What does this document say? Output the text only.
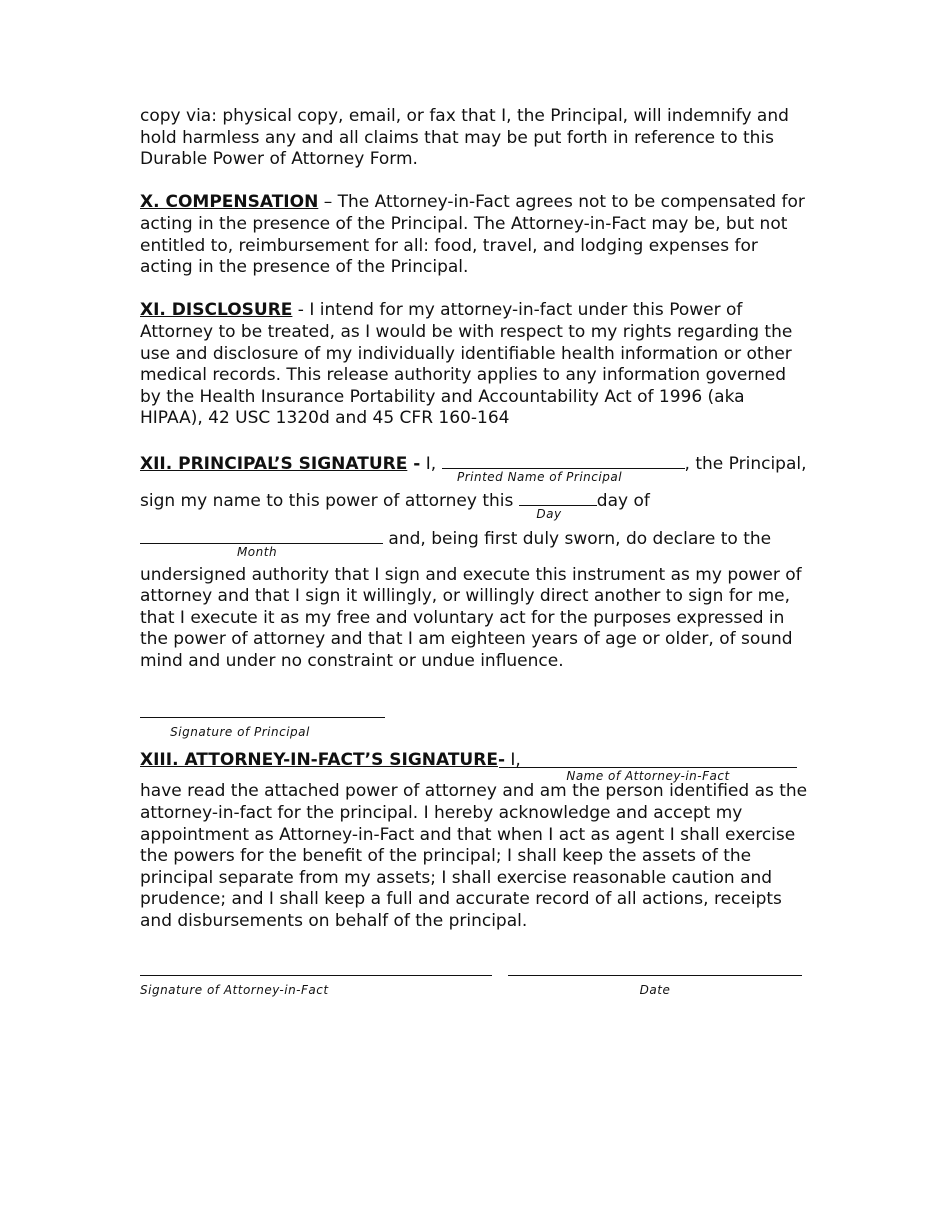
copy via: physical copy, email, or fax that I, the Principal, will indemnify and hold harmless any and all claims that may be put forth in reference to this Durable Power of Attorney Form.

X. COMPENSATION – The Attorney-in-Fact agrees not to be compensated for acting in the presence of the Principal. The Attorney-in-Fact may be, but not entitled to, reimbursement for all: food, travel, and lodging expenses for acting in the presence of the Principal.

XI. DISCLOSURE - I intend for my attorney-in-fact under this Power of Attorney to be treated, as I would be with respect to my rights regarding the use and disclosure of my individually identifiable health information or other medical records. This release authority applies to any information governed by the Health Insurance Portability and Accountability Act of 1996 (aka HIPAA), 42 USC 1320d and 45 CFR 160-164

XII. PRINCIPAL’S SIGNATURE - I,	, the Principal,
Printed Name of Principal
sign my name to this power of attorney this	day of
Day
and, being first duly sworn, do declare to the
Month

undersigned authority that I sign and execute this instrument as my power of attorney and that I sign it willingly, or willingly direct another to sign for me, that I execute it as my free and voluntary act for the purposes expressed in the power of attorney and that I am eighteen years of age or older, of sound mind and under no constraint or undue influence.

Signature of Principal
XIII. ATTORNEY-IN-FACT’S SIGNATURE- I,
Name of Attorney-in-Fact

have read the attached power of attorney and am the person identified as the attorney-in-fact for the principal. I hereby acknowledge and accept my appointment as Attorney-in-Fact and that when I act as agent I shall exercise the powers for the benefit of the principal; I shall keep the assets of the principal separate from my assets; I shall exercise reasonable caution and prudence; and I shall keep a full and accurate record of all actions, receipts and disbursements on behalf of the principal.

Signature of Attorney-in-Fact	Date
